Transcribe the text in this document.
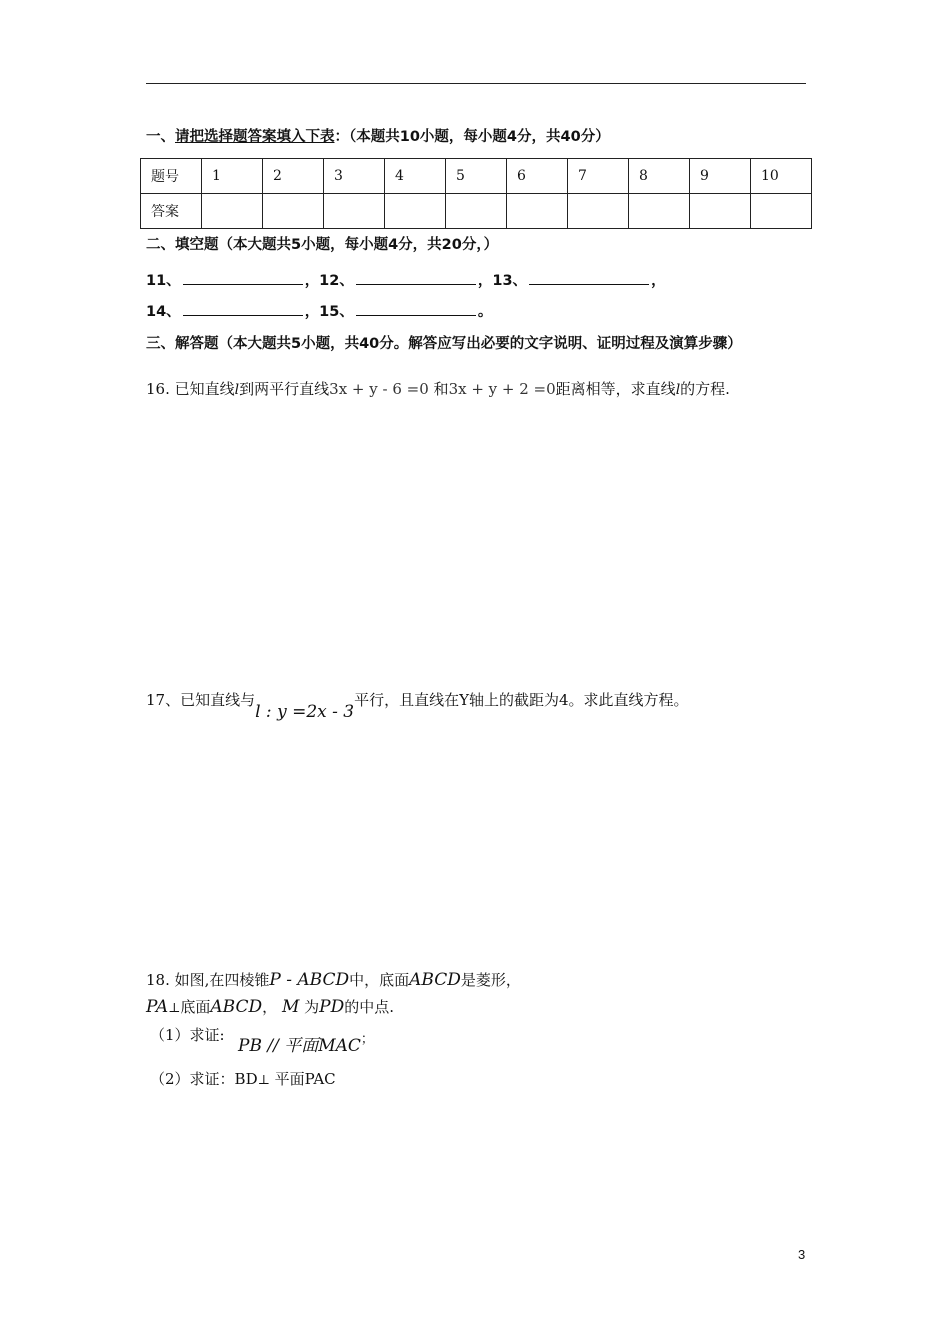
一、请把选择题答案填入下表：（本题共10小题，每小题4分，共40分）
题号	1	2	3	4	5	6	7	8	9	10
答案										
二、填空题（本大题共5小题，每小题4分，共20分，）
11、	，12、	，13、	，
14、	，15、	。
三、解答题（本大题共5小题，共40分。解答应写出必要的文字说明、证明过程及演算步骤）
16. 已知直线l到两平行直线3x + y - 6 =0 和3x + y + 2 =0距离相等，求直线l的方程.
17、已知直线与l : y =2x - 3平行，且直线在Y轴上的截距为4。求此直线方程。
18. 如图,在四棱锥P - ABCD中，底面ABCD是菱形，
PA⊥底面ABCD， M 为PD的中点.
（1）求证:
PB // 平面MAC；
（2）求证：BD⊥ 平面PAC
3
